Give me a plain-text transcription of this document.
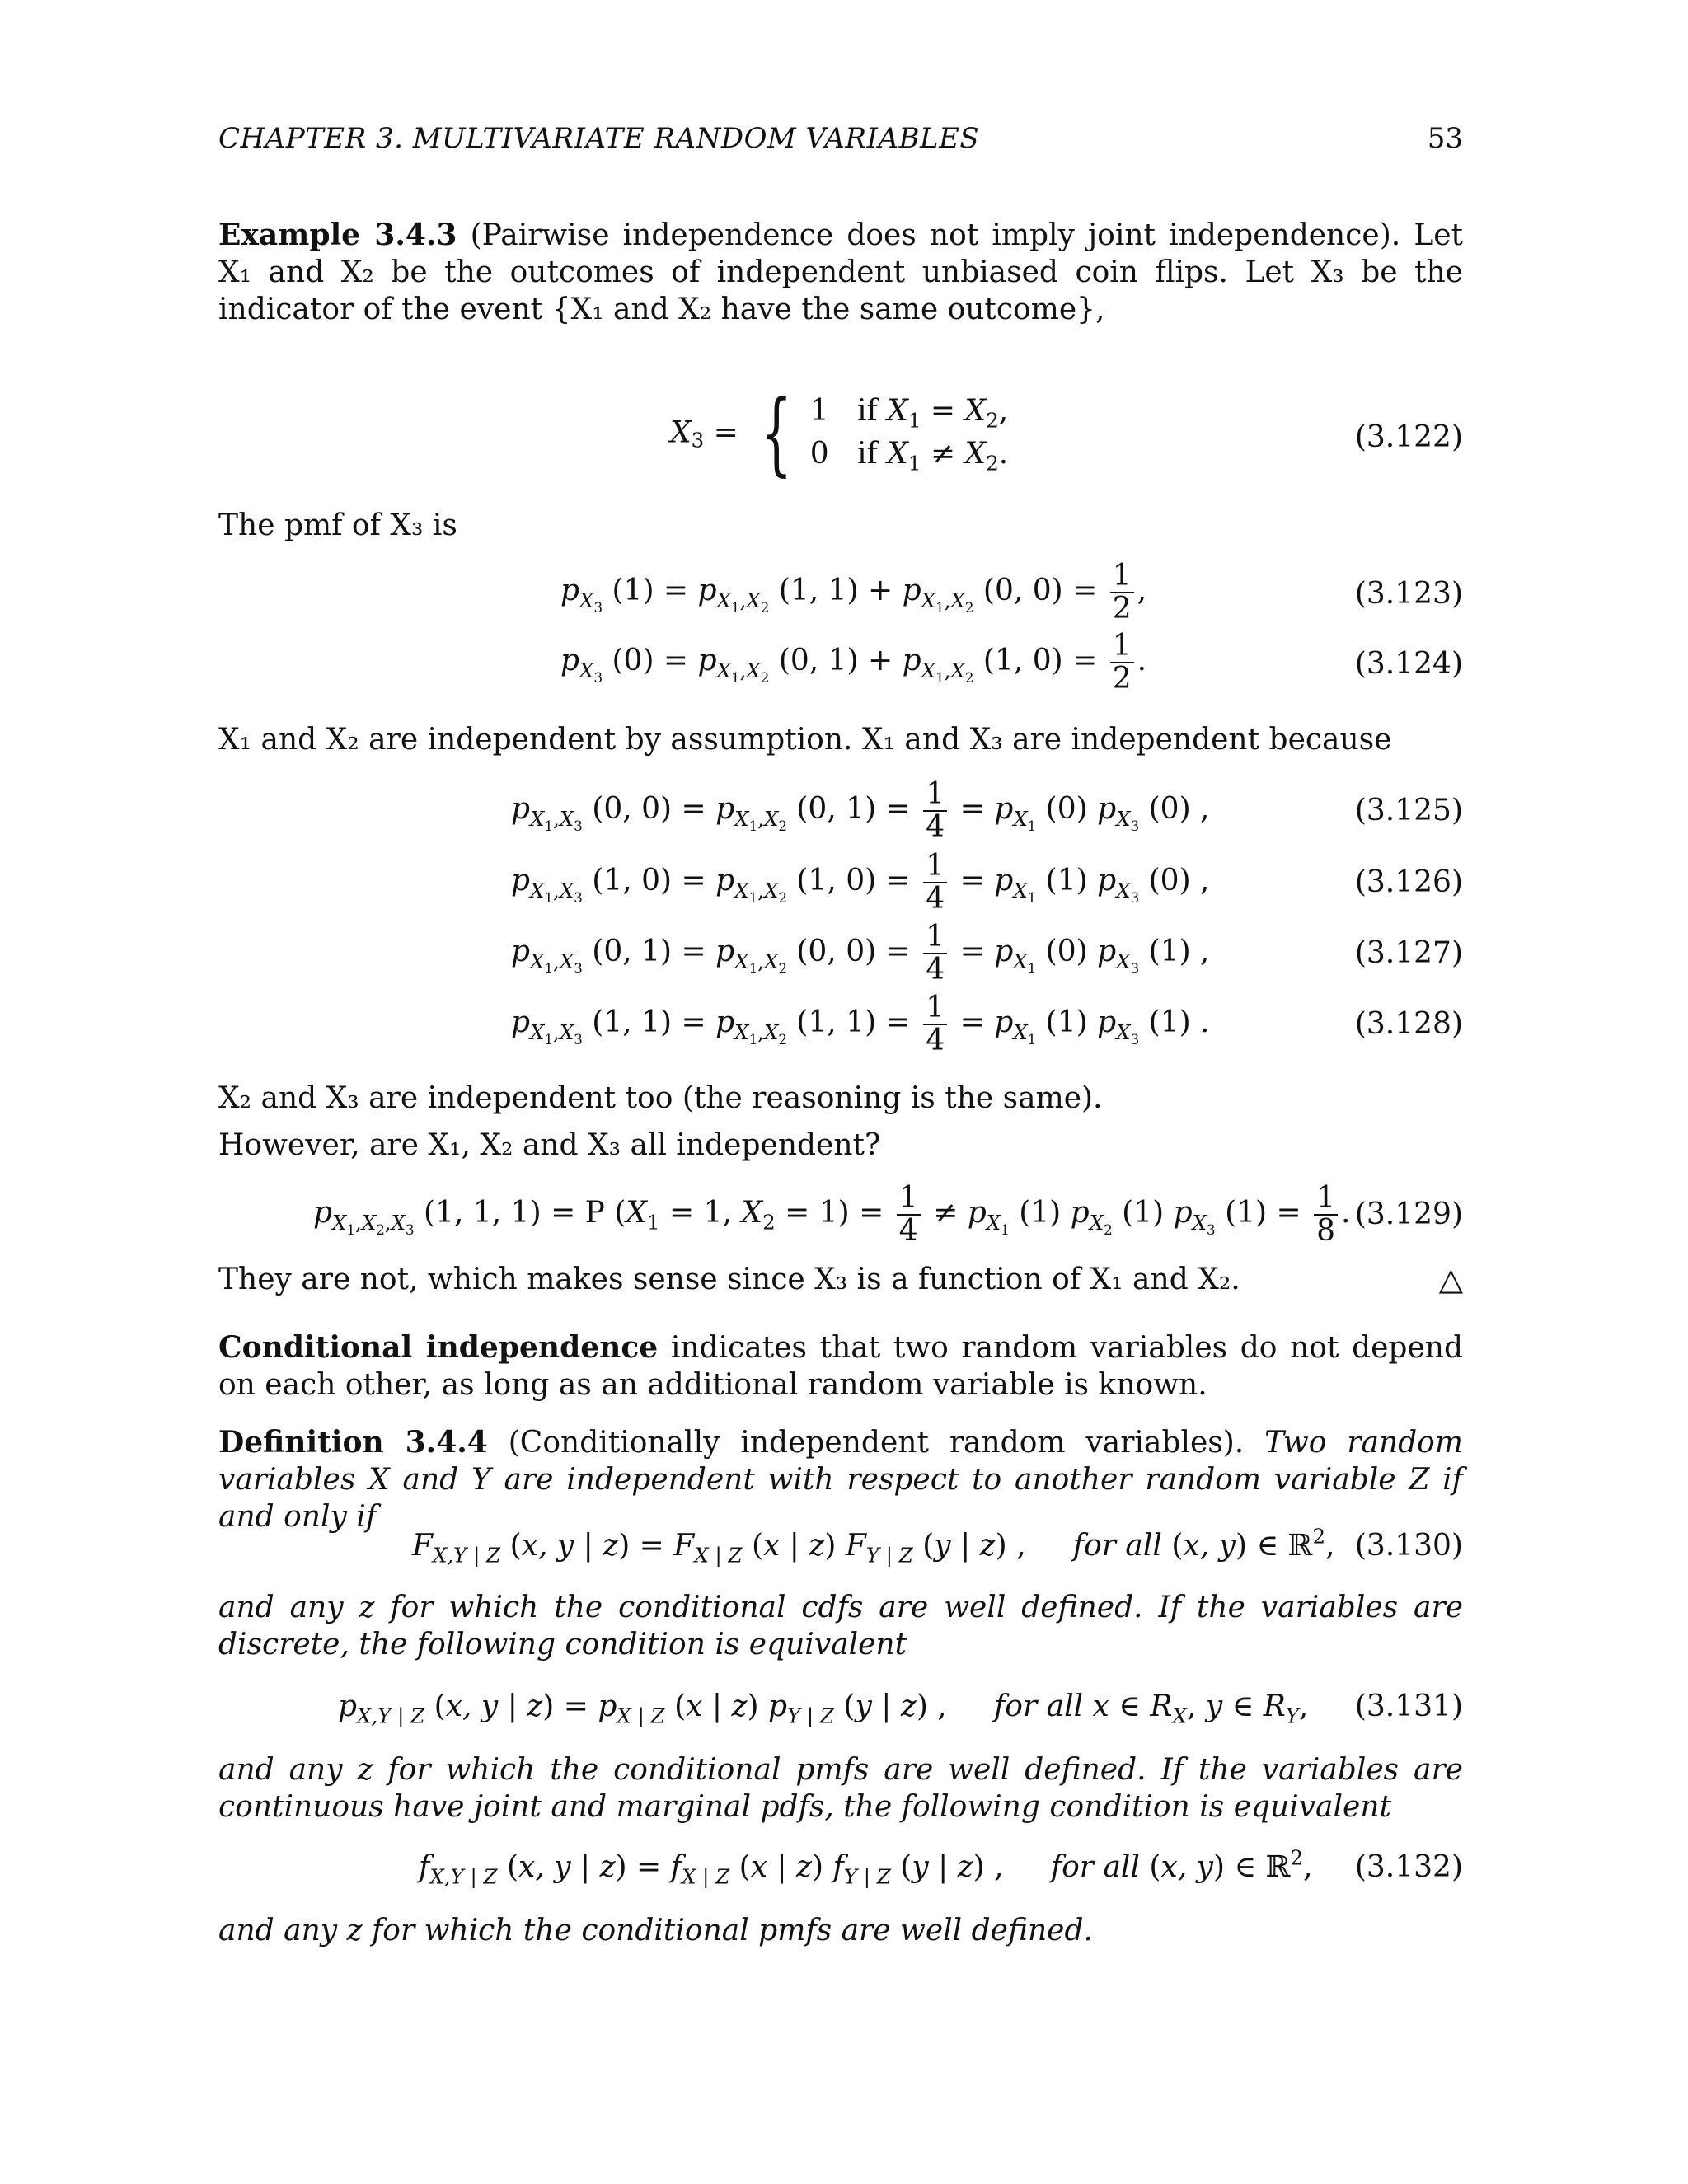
CHAPTER 3. MULTIVARIATE RANDOM VARIABLES	53

Example 3.4.3 (Pairwise independence does not imply joint independence). Let X₁ and X₂ be the outcomes of independent unbiased coin flips. Let X₃ be the indicator of the event {X₁ and X₂ have the same outcome},

$X_3$ = { 1   if $X_1 = X_2$,
0   if $X_1 \ne X_2$.	(3.122)

The pmf of X₃ is

$p_{X_3}$ $(1) = p_{X_1,X_2}$ (1, $1) + p_{X_1,X_2}$ (0, $0) = \frac{1}{2}$ ,	(3.123)
$p_{X_3}$ $(0) = p_{X_1,X_2}$ (0, $1) + p_{X_1,X_2}$ (1, $0) = \frac{1}{2}$ .	(3.124)

X₁ and X₂ are independent by assumption. X₁ and X₃ are independent because

$p_{X_1,X_3}$ (0, $0) = p_{X_1,X_2}$ (0, $1) = \frac{1}{4} = p_{X_1}$ (0) $p_{X_3}$ (0) ,	(3.125)
$p_{X_1,X_3}$ (1, $0) = p_{X_1,X_2}$ (1, $0) = \frac{1}{4} = p_{X_1}$ (1) $p_{X_3}$ (0) ,	(3.126)
$p_{X_1,X_3}$ (0, $1) = p_{X_1,X_2}$ (0, $0) = \frac{1}{4} = p_{X_1}$ (0) $p_{X_3}$ (1) ,	(3.127)
$p_{X_1,X_3}$ (1, $1) = p_{X_1,X_2}$ (1, $1) = \frac{1}{4} = p_{X_1}$ (1) $p_{X_3}$ (1) .	(3.128)

X₂ and X₃ are independent too (the reasoning is the same).

However, are X₁, X₂ and X₃ all independent?

$p_{X_1,X_2,X_3}$ (1, 1, 1) = P ($X_1 = 1$, $X_2 = 1) = \frac{1}{4} \ne p_{X_1}$ (1) $p_{X_2}$ (1) $p_{X_3}$ $(1) = \frac{1}{8}$ . (3.129)

They are not, which makes sense since X₃ is a function of X₁ and X₂.	△

Conditional independence indicates that two random variables do not depend on each other, as long as an additional random variable is known.

Definition 3.4.4 (Conditionally independent random variables). Two random variables X and Y are independent with respect to another random variable Z if and only if

$F_{X,Y | Z}$ (x, y | $z) = F_{X | Z}$ (x | z) $F_{Y | Z}$ (y | z) ,     for all (x, y) ∈ ℝ$^2$, (3.130)

and any z for which the conditional cdfs are well defined. If the variables are discrete, the following condition is equivalent

$p_{X,Y | Z}$ (x, y | $z) = p_{X | Z}$ (x | z) $p_{Y | Z}$ (y | z) ,     for all x ∈ $R_X$, y ∈ $R_Y$, (3.131)

and any z for which the conditional pmfs are well defined. If the variables are continuous have joint and marginal pdfs, the following condition is equivalent

$f_{X,Y | Z}$ (x, y | $z) = f_{X | Z}$ (x | z) $f_{Y | Z}$ (y | z) ,     for all (x, y) ∈ ℝ$^2$, (3.132)

and any z for which the conditional pmfs are well defined.
